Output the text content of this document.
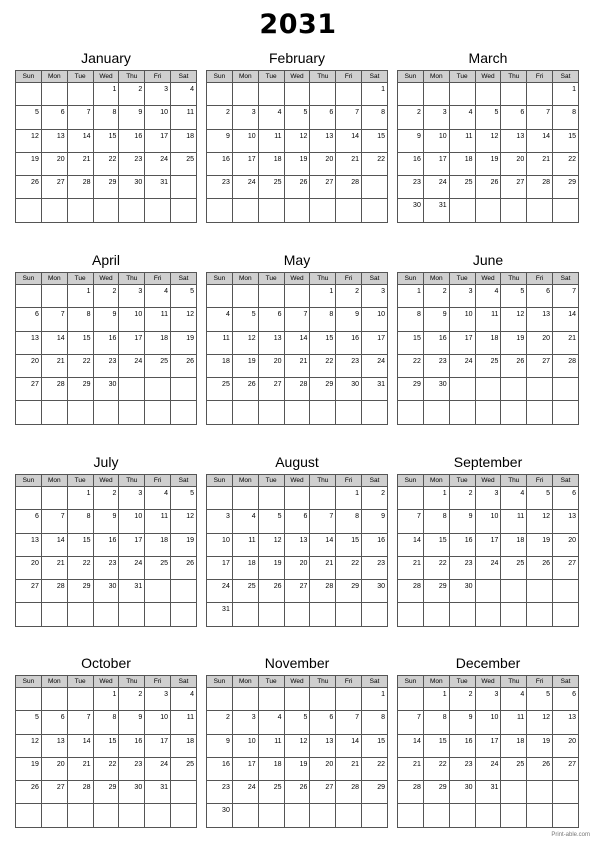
2031
January
Sun	Mon	Tue	Wed	Thu	Fri	Sat
			1	2	3	4
5	6	7	8	9	10	11
12	13	14	15	16	17	18
19	20	21	22	23	24	25
26	27	28	29	30	31	

February
Sun	Mon	Tue	Wed	Thu	Fri	Sat
						1
2	3	4	5	6	7	8
9	10	11	12	13	14	15
16	17	18	19	20	21	22
23	24	25	26	27	28	

March
Sun	Mon	Tue	Wed	Thu	Fri	Sat
						1
2	3	4	5	6	7	8
9	10	11	12	13	14	15
16	17	18	19	20	21	22
23	24	25	26	27	28	29
30	31					
April
Sun	Mon	Tue	Wed	Thu	Fri	Sat
		1	2	3	4	5
6	7	8	9	10	11	12
13	14	15	16	17	18	19
20	21	22	23	24	25	26
27	28	29	30			

May
Sun	Mon	Tue	Wed	Thu	Fri	Sat
				1	2	3
4	5	6	7	8	9	10
11	12	13	14	15	16	17
18	19	20	21	22	23	24
25	26	27	28	29	30	31

June
Sun	Mon	Tue	Wed	Thu	Fri	Sat
1	2	3	4	5	6	7
8	9	10	11	12	13	14
15	16	17	18	19	20	21
22	23	24	25	26	27	28
29	30					

July
Sun	Mon	Tue	Wed	Thu	Fri	Sat
		1	2	3	4	5
6	7	8	9	10	11	12
13	14	15	16	17	18	19
20	21	22	23	24	25	26
27	28	29	30	31		

August
Sun	Mon	Tue	Wed	Thu	Fri	Sat
					1	2
3	4	5	6	7	8	9
10	11	12	13	14	15	16
17	18	19	20	21	22	23
24	25	26	27	28	29	30
31						
September
Sun	Mon	Tue	Wed	Thu	Fri	Sat
	1	2	3	4	5	6
7	8	9	10	11	12	13
14	15	16	17	18	19	20
21	22	23	24	25	26	27
28	29	30				

October
Sun	Mon	Tue	Wed	Thu	Fri	Sat
			1	2	3	4
5	6	7	8	9	10	11
12	13	14	15	16	17	18
19	20	21	22	23	24	25
26	27	28	29	30	31	

November
Sun	Mon	Tue	Wed	Thu	Fri	Sat
						1
2	3	4	5	6	7	8
9	10	11	12	13	14	15
16	17	18	19	20	21	22
23	24	25	26	27	28	29
30						
December
Sun	Mon	Tue	Wed	Thu	Fri	Sat
	1	2	3	4	5	6
7	8	9	10	11	12	13
14	15	16	17	18	19	20
21	22	23	24	25	26	27
28	29	30	31			

Print-able.com
